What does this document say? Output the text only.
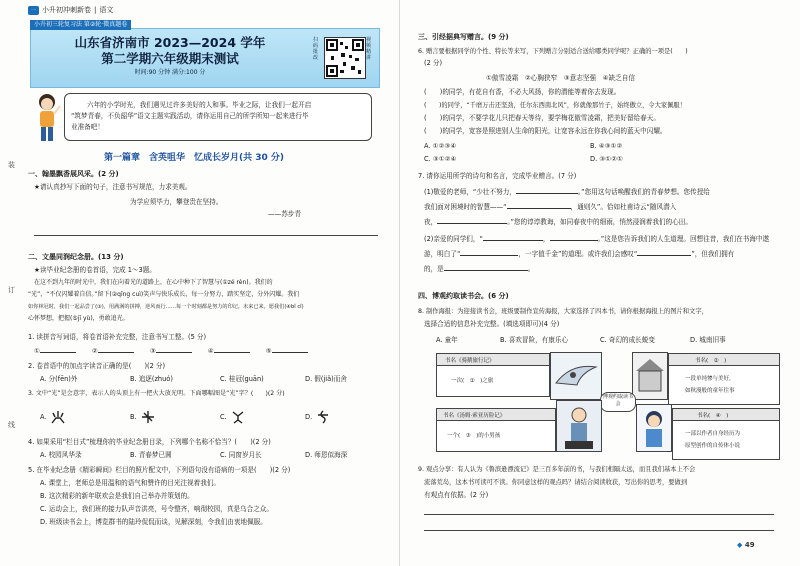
一 小升初冲刺新卷 | 语文
小升初三轮复习法 第②轮·微真题卷
山东省济南市 2023—2024 学年
第二学期六年级期末测试
时间:90 分钟 满分:100 分
扫码批改
视频精讲
六年的小学时光，我们遇见过许多美好的人和事。毕业之际，让我们一起开启
“筑梦青春，不负韶华”语文主题实践活动，请你运用自己的所学所知一起来进行毕
业准备吧！
第一篇章　含英咀华　忆成长岁月(共 30 分)
一、翰墨飘香展风采。(2 分)
★请认真抄写下面的句子，注意书写规范，力求美观。
为学应须毕力，攀登贵在坚持。
——苏步青
二、文墨同润纪念册。(13 分)
★读毕业纪念册的卷首语，完成 1～3题。
在这不到九年的时光中，我们在向着光的道路上，在心中种下了智慧与(①zé rèn)。我们的
“光”，“不仅闪耀着自信。”留下(②qīng cuì)笑声与快乐成长，每一分努力，踏实坚定，分外闪耀。我们
如你林冠时，我们一起品尝了(③)，用满满的拼搏，逆风而行……每一个时刻都是努力的印记。未来已来，愿我们(④bǐ cǐ)
心怀梦想，把握(⑤jī yù)，勇敢追光。
1. 读拼音写词语，将卷首语补充完整，注意书写工整。(5 分)
①	②	③	④	⑤
2. 卷首语中的加点字读音正确的是(　　)(2 分)
A. 分(fēn)外	B. 追逐(zhuó)	C. 桂冠(guān)	D. 假(jiǎ)而舍
3. 文中“光”是会意字，表示人的头顶上有一把火大放光明。下面哪幅图是“光”字？(　　)(2 分)
A.	B.	C.	D.
4. 如果采用“栏目式”梳理你的毕业纪念册目录，下列哪个名称不恰当？(　　)(2 分)
A. 校园风华录	B. 青春梦已圆	C. 同窗岁月长	D. 师恩似海深
5. 在毕业纪念册《精彩瞬间》栏目的照片配文中，下列语句没有语病的一项是(　　)(2 分)
A. 课堂上，老师总是用温和的语气和赞许的目光注视着我们。
B. 这次精彩的新年联欢会是我们自己举办并策划的。
C. 运动会上，我们班的接力队声音洪亮，号令整齐，响彻校园，真是乌合之众。
D. 班级读书会上，博览群书的陆玲侃侃而谈，见解深刻，令我们由衷地佩服。
装
订
线
三、引经据典写赠言。(9 分)
6. 赠言要根据同学的个性、特长等来写，下列赠言分别适合送给哪类同学呢？正确的一项是(　　)
(2 分)
①傲雪凌霜　②心胸狭窄　③意志坚强　④缺乏自信
(　　)的同学，有花自有香，不必大风扬，你的潜能等着你去发现。
(　　)的同学，“千磨万击还坚劲，任尔东西南北风”，你就像那竹子，始终傲立，令大家佩服！
(　　)的同学，不要学花儿只把春天等待，要学梅花傲雪凌霜，把美好留给春天。
(　　)的同学，宽容是照进别人生命的阳光，让宽容永远在你我心间的蓝天中闪耀。
A. ①②③④	B. ④③①②
C. ③①②④	D. ③①②①
7. 请你运用所学的诗句和名言，完成毕业赠言。(7 分)
(1)敬爱的老师，“少壮不努力，	。”您用这句话唤醒我们的青春梦想。您传授给
我们面对困境时的智慧——“	，通则久”。恰如杜甫诗云“随风潜入
夜，	。”您的谆谆教诲，如同春夜中的细雨，悄然浸润着我们的心田。
(2)亲爱的同学们，“	，	。”这是您告诉我们的人生道理。回想往昔，我们在书海中遨
游，明白了“	，一字值千金”的道理。或许我们会感叹“	”，但我们拥有
的，是	。
四、博观约取读书会。(6 分)
8. 制作海报：为迎接读书会，班级要制作宣传海报，大家选择了四本书，请你根据海报上的图片和文字，
选择合适的信息补充完整。(填选项即可)(4 分)
A. 童年	B. 喜欢冒险，有康乐心	C. 奇幻的成长蜕变	D. 城南旧事
书名《骑鹅旅行记》
一次(　①　)之旅
书名(　②　)
一段单纯惨与美好，
如秋漫般的童年往事
博观约取读书会
书名《汤姆·索亚历险记》
一个(　③　)的小男孩
书名(　④　)
一部以作者自身经历为
原型创作的自传体小说
9. 观点分享：有人认为《鲁滨逊漂流记》是三百多年前的书，与我们相隔太远，而且我们基本上不会
流落荒岛，这本书可读可不读。你同意这样的观点吗？请结合阅读收获，写出你的思考，要做到
有观点有依据。(2 分)
◆ 49
